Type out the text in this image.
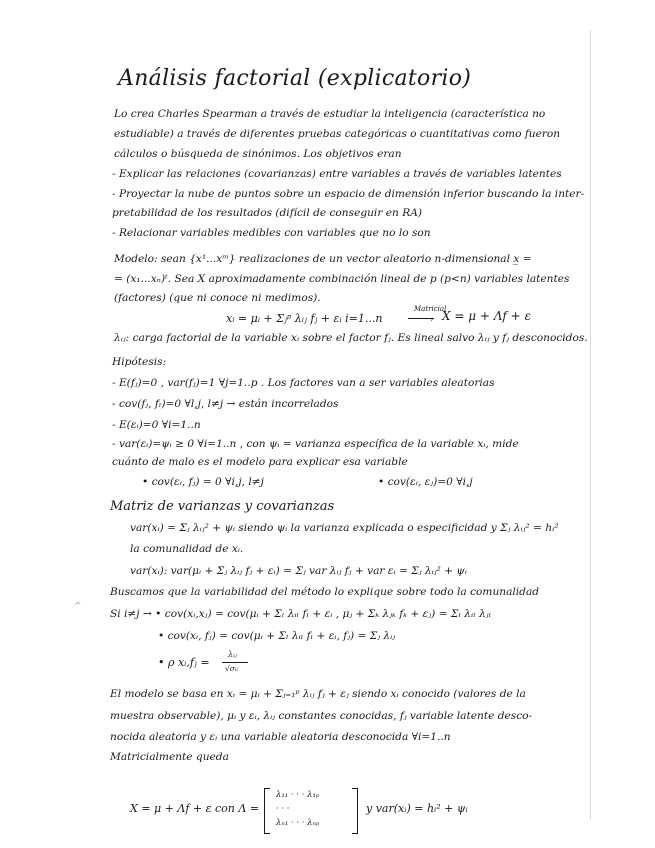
^
Análisis factorial (explicatorio)
Lo crea Charles Spearman a través de estudiar la inteligencia (característica no
estudiable) a través de diferentes pruebas categóricas o cuantitativas como fueron
cálculos o búsqueda de sinónimos. Los objetivos eran
- Explicar las relaciones (covarianzas) entre variables a través de variables latentes
- Proyectar la nube de puntos sobre un espacio de dimensión inferior buscando la inter-
pretabilidad de los resultados (difícil de conseguir en RA)
- Relacionar variables medibles con variables que no lo son
Modelo: sean {x¹...xᵐ} realizaciones de un vector aleatorio n-dimensional x̲ =
= (x₁...xₙ)ᵗ. Sea X aproximadamente combinación lineal de p (p<n) variables latentes
(factores) (que ni conoce ni medimos).
xᵢ = μᵢ + Σⱼᵖ λᵢⱼ fⱼ + εᵢ i=1...n
Matricial
› X = μ + Λf + ε
λᵢⱼ: carga factorial de la variable xᵢ sobre el factor fⱼ. Es lineal salvo λᵢⱼ y fⱼ desconocidos.
Hipótesis:
- E(fⱼ)=0 , var(fⱼ)=1 ∀j=1..p . Los factores van a ser variables aleatorias
- cov(fⱼ, fₗ)=0 ∀l,j, l≠j → están incorrelados
- E(εᵢ)=0 ∀i=1..n
- var(εᵢ)=ψᵢ ≥ 0 ∀i=1..n , con ψᵢ = varianza específica de la variable xᵢ, mide
cuánto de malo es el modelo para explicar esa variable
• cov(εᵢ, fⱼ) = 0 ∀i,j, l≠j	• cov(εᵢ, εⱼ)=0 ∀i,j
Matriz de varianzas y covarianzas
var(xᵢ) = Σⱼ λᵢⱼ² + ψᵢ siendo ψᵢ la varianza explicada o especificidad y Σⱼ λᵢⱼ² = hᵢ²
la comunalidad de xᵢ.
var(xᵢ): var(μᵢ + Σⱼ λᵢⱼ fⱼ + εᵢ) = Σⱼ var λᵢⱼ fⱼ + var εᵢ = Σⱼ λᵢⱼ² + ψᵢ
Buscamos que la variabilidad del método lo explique sobre todo la comunalidad
Si i≠j → • cov(xᵢ,xⱼ) = cov(μᵢ + Σₗ λᵢₗ fₗ + εᵢ , μⱼ + Σₖ λⱼₖ fₖ + εⱼ) = Σₗ λᵢₗ λⱼₗ
• cov(xᵢ, fⱼ) = cov(μᵢ + Σₗ λᵢₗ fₗ + εᵢ, fⱼ) = Σⱼ λᵢⱼ
• ρ xᵢ,fⱼ =
λᵢⱼ
√σᵢᵢ
El modelo se basa en xᵢ = μᵢ + Σⱼ₌₁ᵖ λᵢⱼ fⱼ + εⱼ siendo xᵢ conocido (valores de la
muestra observable), μᵢ y εᵢ, λᵢⱼ constantes conocidas, fⱼ variable latente desco-
nocida aleatoria y εᵢ una variable aleatoria desconocida ∀i=1..n
Matricialmente queda
X = μ + Λf + ε con Λ =
λ₁₁ · · · λ₁ₚ
· · ·
λₙ₁ · · · λₙₚ
y var(xᵢ) = hᵢ² + ψᵢ
